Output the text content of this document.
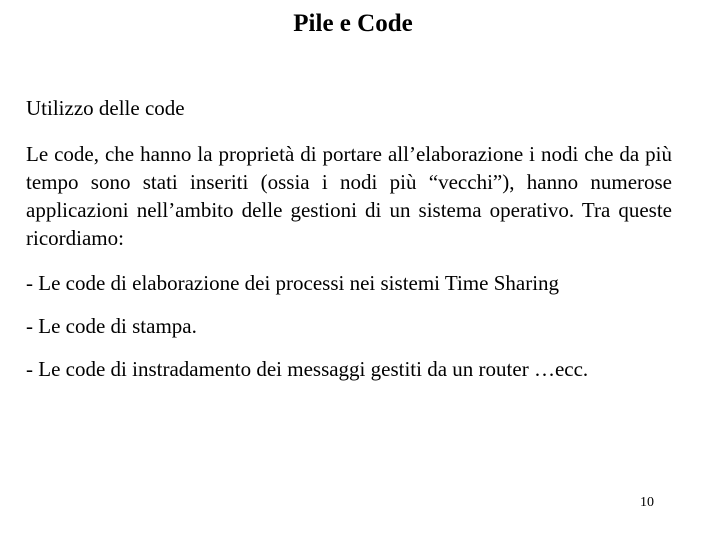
Pile e Code

Utilizzo delle code

Le code, che hanno la proprietà di portare all’elaborazione i nodi che da più tempo sono stati inseriti (ossia i nodi più “vecchi”), hanno numerose applicazioni nell’ambito delle gestioni di un sistema operativo. Tra queste ricordiamo:

- Le code di elaborazione dei processi nei sistemi Time Sharing
- Le code di stampa.
- Le code di instradamento dei messaggi gestiti da un router …ecc.
10
